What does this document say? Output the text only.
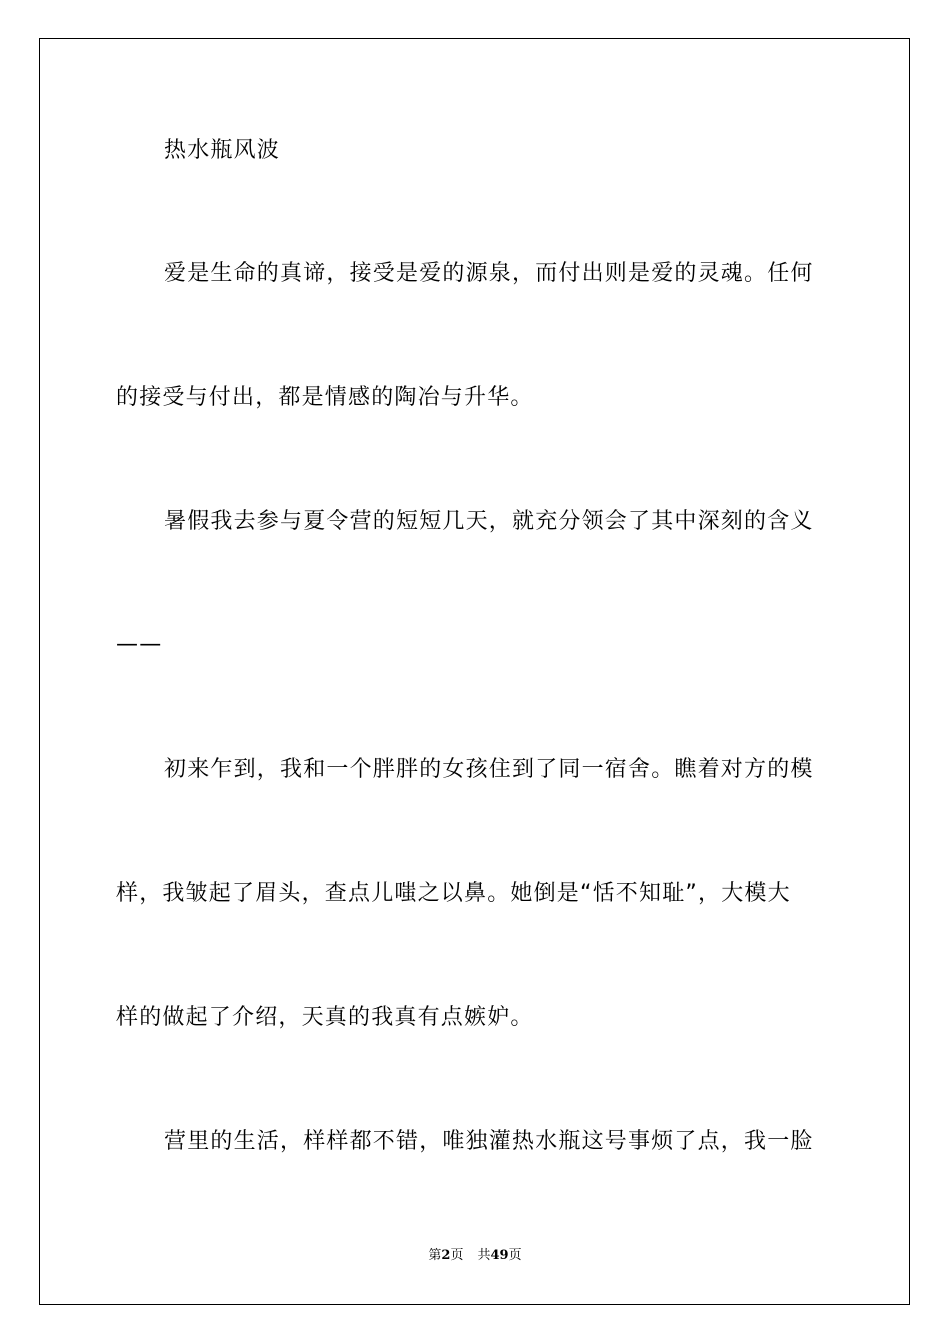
热水瓶风波
爱是生命的真谛，接受是爱的源泉，而付出则是爱的灵魂。任何
的接受与付出，都是情感的陶冶与升华。
暑假我去参与夏令营的短短几天，就充分领会了其中深刻的含义
——
初来乍到，我和一个胖胖的女孩住到了同一宿舍。瞧着对方的模
样，我皱起了眉头，查点儿嗤之以鼻。她倒是“恬不知耻”，大模大
样的做起了介绍，天真的我真有点嫉妒。
营里的生活，样样都不错，唯独灌热水瓶这号事烦了点，我一脸
第2页 共49页
